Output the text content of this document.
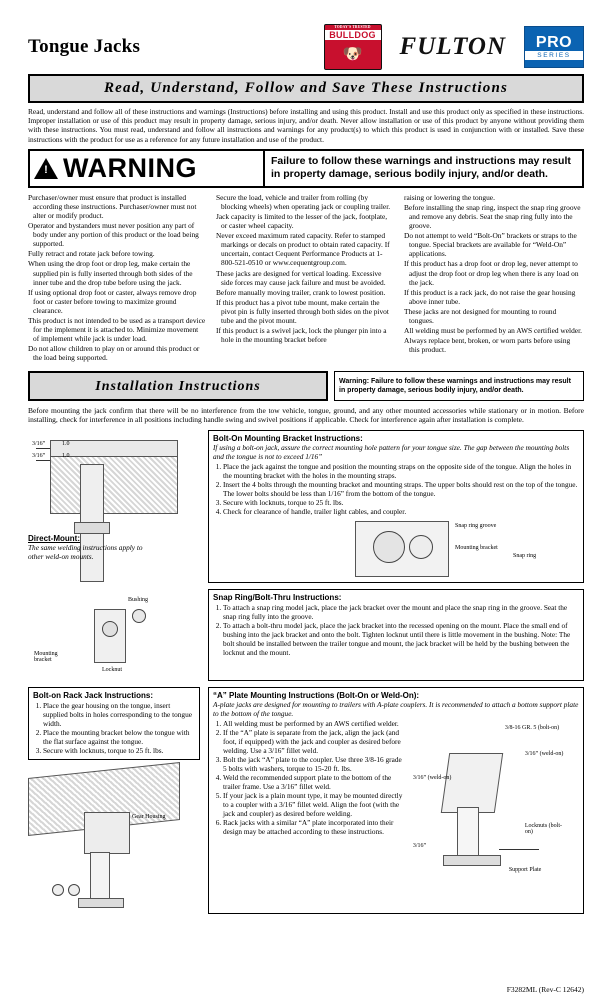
Tongue Jacks
TODAY'S TRUSTED
BULLDOG
🐶 FULTON PRO
SERIES
Read, Understand, Follow and Save These Instructions
Read, understand and follow all of these instructions and warnings (Instructions) before installing and using this product. Install and use this product only as specified in these instructions. Improper installation or use of this product may result in property damage, serious injury, and/or death. Never allow installation or use of this product by anyone without providing them with these instructions. You must read, understand and follow all instructions and warnings for any product(s) to which this product is used in conjunction with or installed. Save these instructions with the product for use as a reference for any future installation and use of the product.
!
WARNING	Failure to follow these warnings and instructions may result in property damage, serious bodily injury, and/or death.
Purchaser/owner must ensure that product is installed according these instructions. Purchaser/owner must not alter or modify product.
Operator and bystanders must never position any part of body under any portion of this product or the load being supported.
Fully retract and rotate jack before towing.
When using the drop foot or drop leg, make certain the supplied pin is fully inserted through both sides of the inner tube and the drop tube before using the jack.
If using optional drop foot or caster, always remove drop foot or caster before towing to maximize ground clearance.
This product is not intended to be used as a transport device for the implement it is attached to. Minimize movement of implement while jack is under load.
Do not allow children to play on or around this product or the load being supported.
Secure the load, vehicle and trailer from rolling (by blocking wheels) when operating jack or coupling trailer.
Jack capacity is limited to the lesser of the jack, footplate, or caster wheel capacity.
Never exceed maximum rated capacity. Refer to stamped markings or decals on product to obtain rated capacity. If uncertain, contact Cequent Performance Products at 1-800-521-0510 or www.cequentgroup.com.
These jacks are designed for vertical loading. Excessive side forces may cause jack failure and must be avoided.
Before manually moving trailer, crank to lowest position.
If this product has a pivot tube mount, make certain the pivot pin is fully inserted through both sides on the pivot tube and the pivot mount.
If this product is a swivel jack, lock the plunger pin into a hole in the mounting bracket before
raising or lowering the tongue.
Before installing the snap ring, inspect the snap ring groove and remove any debris. Seat the snap ring fully into the groove.
Do not attempt to weld “Bolt-On” brackets or straps to the tongue. Special brackets are available for “Weld-On” applications.
If this product has a drop foot or drop leg, never attempt to adjust the drop foot or drop leg when there is any load on the jack.
If this product is a rack jack, do not raise the gear housing above inner tube.
These jacks are not designed for mounting to round tongues.
All welding must be performed by an AWS certified welder.
Always replace bent, broken, or worn parts before using this product.
Installation Instructions	Warning: Failure to follow these warnings and instructions may result in property damage, serious bodily injury, and/or death.
Before mounting the jack confirm that there will be no interference from the tow vehicle, tongue, ground, and any other mounted accessories while stationary or in motion. Before installing, check for interference in all positions including handle swing and swivel positions if applicable. Check for interference again after installation is complete.
3/16”	1.0
3/16”	1.0
Direct-Mount:
The same welding instructions apply to other weld-on mounts.
Bolt-On Mounting Bracket Instructions:
If using a bolt-on jack, assure the correct mounting hole pattern for your tongue size. The gap between the mounting bolts and the tongue is not to exceed 1/16”
1. Place the jack against the tongue and position the mounting straps on the opposite side of the tongue. Align the holes in the mounting bracket with the holes in the mounting straps.
2. Insert the 4 bolts through the mounting bracket and mounting straps. The upper bolts should rest on the top of the tongue. The lower bolts should be less than 1/16” from the bottom of the tongue.
3. Secure with locknuts, torque to 25 ft. lbs.
4. Check for clearance of handle, trailer light cables, and coupler.
Snap ring groove
Mounting bracket
Snap ring
Bushing
Mounting bracket
Locknut
Snap Ring/Bolt-Thru Instructions:
1. To attach a snap ring model jack, place the jack bracket over the mount and place the snap ring in the groove. Seat the snap ring fully into the groove.
2. To attach a bolt-thru model jack, place the jack bracket into the recessed opening on the mount. Place the small end of bushing into the jack bracket and onto the bolt. Tighten locknut until there is little movement in the bushing. Note: The bolt should be installed between the trailer tongue and mount, the jack bracket will be held by the bushing between the locknut and the mount.
Bolt-on Rack Jack Instructions:
1. Place the gear housing on the tongue, insert supplied bolts in holes corresponding to the tongue width.
2. Place the mounting bracket below the tongue with the flat surface against the tongue.
3. Secure with locknuts, torque to 25 ft. lbs.
Gear Housing
“A” Plate Mounting Instructions (Bolt-On or Weld-On):
A-plate jacks are designed for mounting to trailers with A-plate couplers. It is recommended to attach a bottom support plate to the bottom of the tongue.
1. All welding must be performed by an AWS certified welder.
2. If the “A” plate is separate from the jack, align the jack (and foot, if equipped) with the jack and coupler as desired before welding. Use a 3/16” fillet weld.
3. Bolt the jack “A” plate to the coupler. Use three 3/8-16 grade 5 bolts with washers, torque to 15-20 ft. lbs.
4. Weld the recommended support plate to the bottom of the trailer frame. Use a 3/16” fillet weld.
5. If your jack is a plain mount type, it may be mounted directly to a coupler with a 3/16” fillet weld. Align the foot (with the jack and coupler) as desired before welding.
6. Rack jacks with a similar “A” plate incorporated into their design may be attached according to these instructions.
3/8-16 GR. 5 (bolt-on)
3/16” (weld-on)
3/16” (weld-on)
Locknuts (bolt-on)
3/16”
Support Plate
F3282ML (Rev-C 12642)
